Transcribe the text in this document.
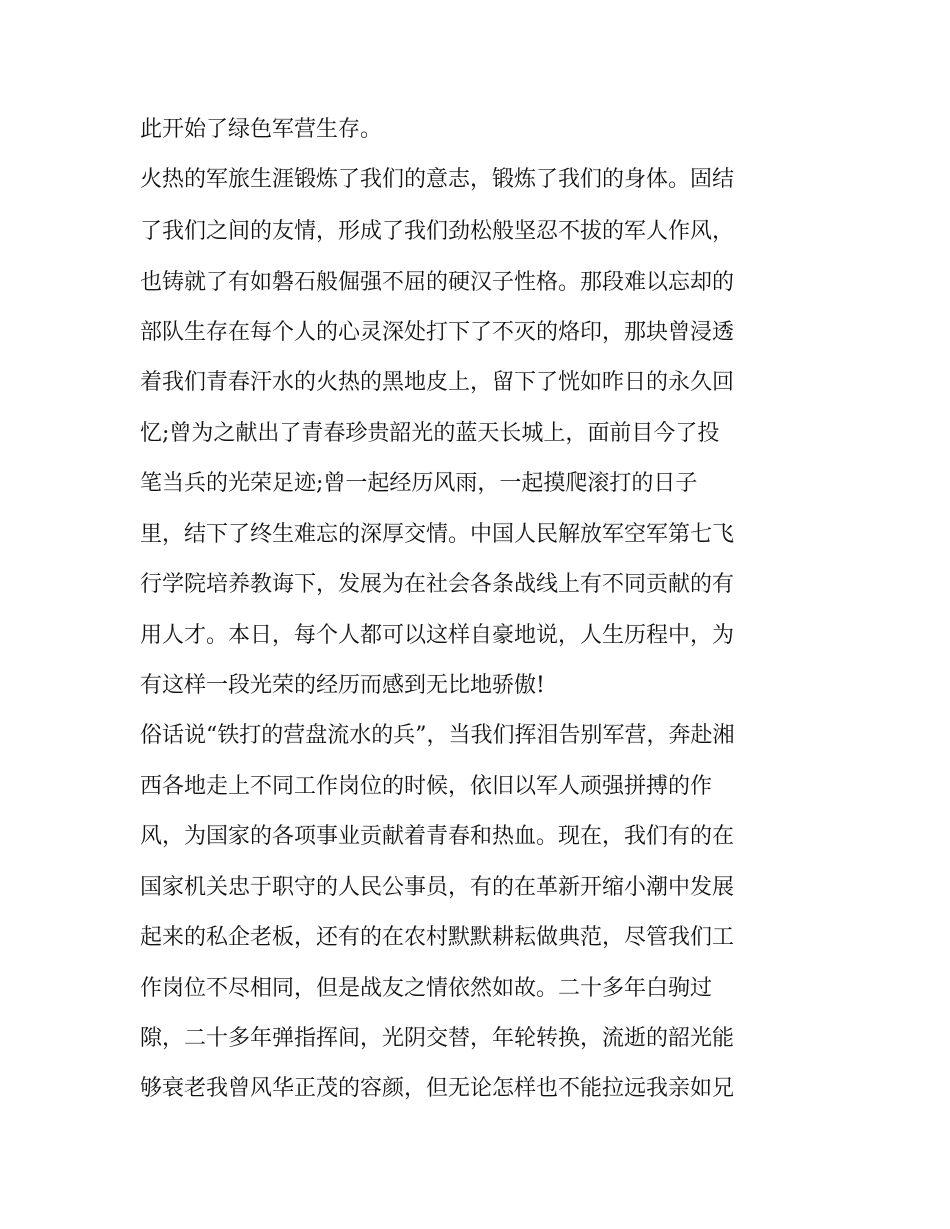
此开始了绿色军营生存。
火热的军旅生涯锻炼了我们的意志，锻炼了我们的身体。固结
了我们之间的友情，形成了我们劲松般坚忍不拔的军人作风，
也铸就了有如磐石般倔强不屈的硬汉子性格。那段难以忘却的
部队生存在每个人的心灵深处打下了不灭的烙印，那块曾浸透
着我们青春汗水的火热的黑地皮上，留下了恍如昨日的永久回
忆;曾为之献出了青春珍贵韶光的蓝天长城上，面前目今了投
笔当兵的光荣足迹;曾一起经历风雨，一起摸爬滚打的日子
里，结下了终生难忘的深厚交情。中国人民解放军空军第七飞
行学院培养教诲下，发展为在社会各条战线上有不同贡献的有
用人才。本日，每个人都可以这样自豪地说，人生历程中，为
有这样一段光荣的经历而感到无比地骄傲!
俗话说“铁打的营盘流水的兵”，当我们挥泪告别军营，奔赴湘
西各地走上不同工作岗位的时候，依旧以军人顽强拼搏的作
风，为国家的各项事业贡献着青春和热血。现在，我们有的在
国家机关忠于职守的人民公事员，有的在革新开缩小潮中发展
起来的私企老板，还有的在农村默默耕耘做典范，尽管我们工
作岗位不尽相同，但是战友之情依然如故。二十多年白驹过
隙，二十多年弹指挥间，光阴交替，年轮转换，流逝的韶光能
够衰老我曾风华正茂的容颜，但无论怎样也不能拉远我亲如兄
